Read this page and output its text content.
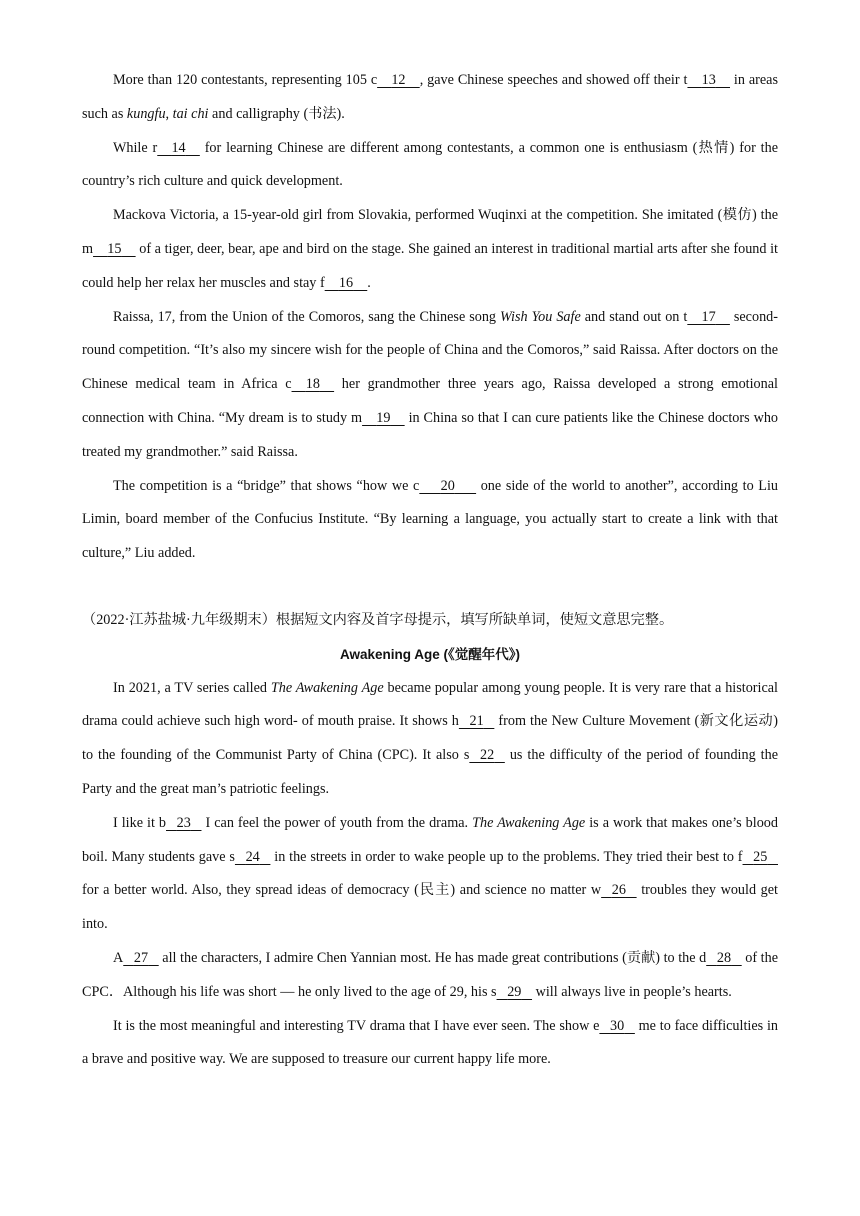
More than 120 contestants, representing 105 c 12 , gave Chinese speeches and showed off their t 13     in areas such as kungfu, tai chi and calligraphy (书法).

While r 14     for learning Chinese are different among contestants, a common one is enthusiasm (热情) for the country’s rich culture and quick development.

Mackova Victoria, a 15-year-old girl from Slovakia, performed Wuqinxi at the competition. She imitated (模仿) the m 15     of a tiger, deer, bear, ape and bird on the stage. She gained an interest in traditional martial arts after she found it could help her relax her muscles and stay f 16 .

Raissa, 17, from the Union of the Comoros, sang the Chinese song Wish You Safe and stand out on t 17     second-round competition. “It’s also my sincere wish for the people of China and the Comoros,” said Raissa. After doctors on the Chinese medical team in Africa c 18     her grandmother three years ago, Raissa developed a strong emotional connection with China. “My dream is to study m 19     in China so that I can cure patients like the Chinese doctors who treated my grandmother.” said Raissa.

The competition is a “bridge” that shows “how we c 20       one side of the world to another”, according to Liu Limin, board member of the Confucius Institute. “By learning a language, you actually start to create a link with that culture,” Liu added.

（2022·江苏盐城·九年级期末）根据短文内容及首字母提示，填写所缺单词，使短文意思完整。

Awakening Age (《觉醒年代》)

In 2021, a TV series called The Awakening Age became popular among young people. It is very rare that a historical drama could achieve such high word- of mouth praise. It shows h 21    from the New Culture Movement (新文化运动) to the founding of the Communist Party of China (CPC). It also s 22    us the difficulty of the period of founding the Party and the great man’s patriotic feelings.

I like it b 23    I can feel the power of youth from the drama. The Awakening Age is a work that makes one’s blood boil. Many students gave s 24    in the streets in order to wake people up to the problems. They tried their best to f 25    for a better world. Also, they spread ideas of democracy (民主) and science no matter w 26    troubles they would get into.

A 27    all the characters, I admire Chen Yannian most. He has made great contributions (贡献) to the d 28    of the CPC．Although his life was short — he only lived to the age of 29, his s 29    will always live in people’s hearts.

It is the most meaningful and interesting TV drama that I have ever seen. The show e 30    me to face difficulties in a brave and positive way. We are supposed to treasure our current happy life more.
